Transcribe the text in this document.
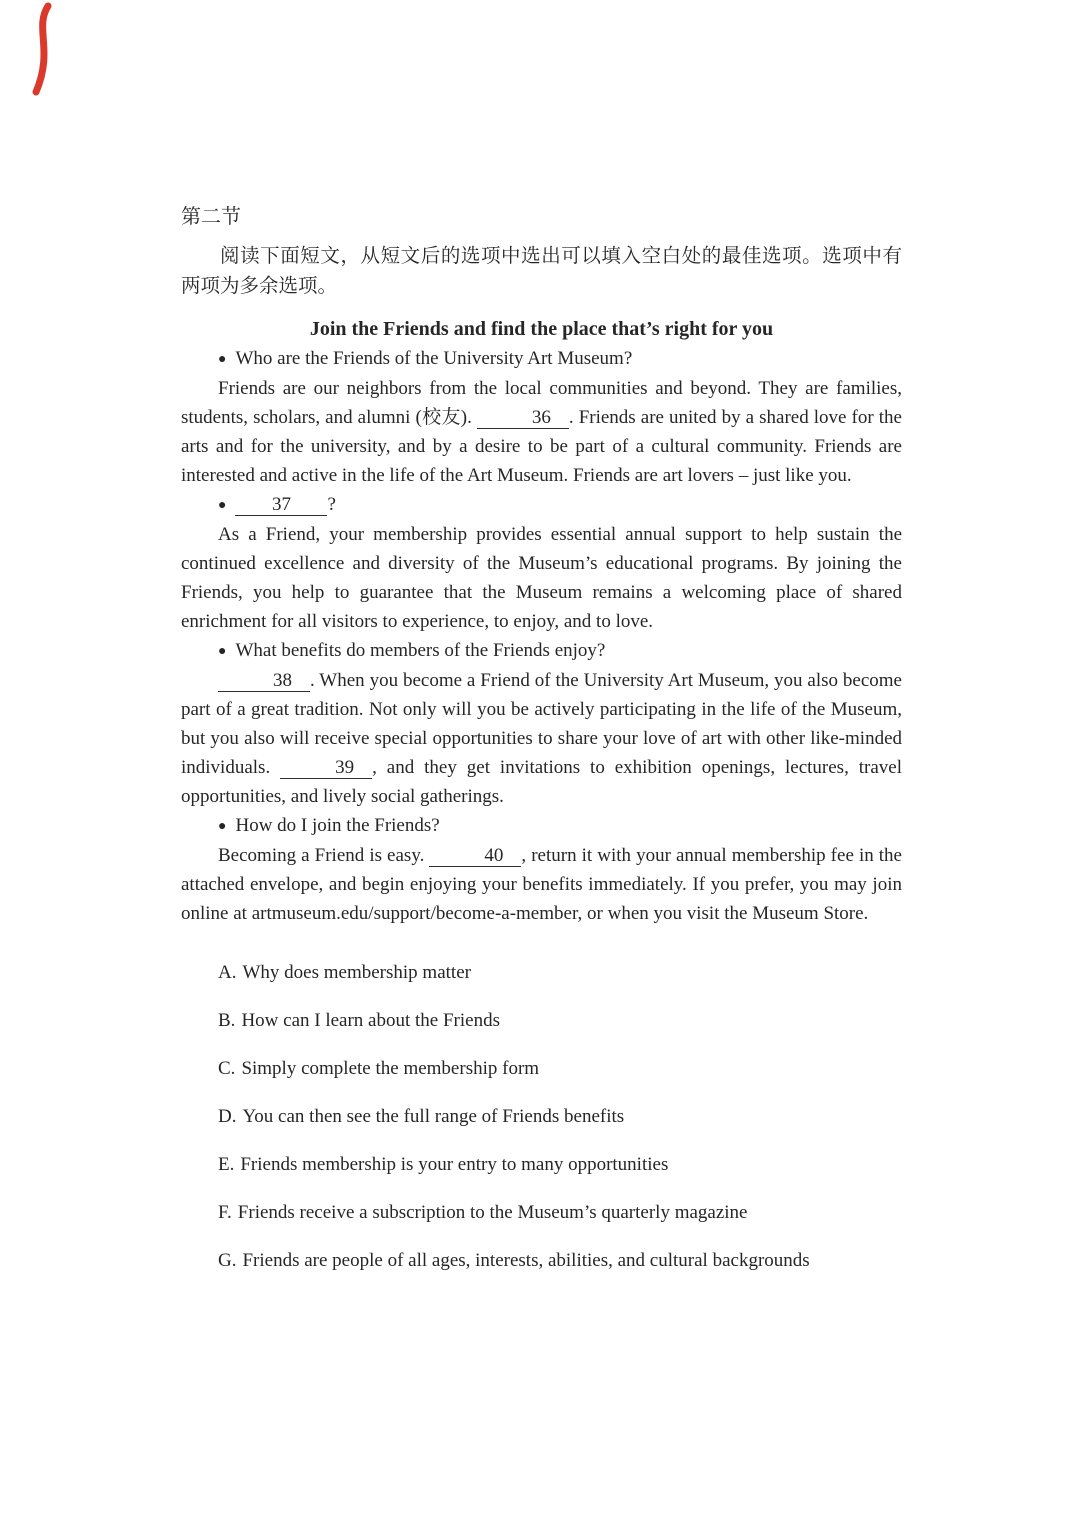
第二节

阅读下面短文，从短文后的选项中选出可以填入空白处的最佳选项。选项中有两项为多余选项。

Join the Friends and find the place that’s right for you

● Who are the Friends of the University Art Museum?

Friends are our neighbors from the local communities and beyond. They are families, students, scholars, and alumni (校友).	36 . Friends are united by a shared love for the arts and for the university, and by a desire to be part of a cultural community. Friends are interested and active in the life of the Art Museum. Friends are art lovers – just like you.

● 37 ?

As a Friend, your membership provides essential annual support to help sustain the continued excellence and diversity of the Museum’s educational programs. By joining the Friends, you help to guarantee that the Museum remains a welcoming place of shared enrichment for all visitors to experience, to enjoy, and to love.

● What benefits do members of the Friends enjoy?

38 . When you become a Friend of the University Art Museum, you also become part of a great tradition. Not only will you be actively participating in the life of the Museum, but you also will receive special opportunities to share your love of art with other like-minded individuals.	39 , and they get invitations to exhibition openings, lectures, travel opportunities, and lively social gatherings.

● How do I join the Friends?

Becoming a Friend is easy.	40 , return it with your annual membership fee in the attached envelope, and begin enjoying your benefits immediately. If you prefer, you may join online at artmuseum.edu/support/become-a-member, or when you visit the Museum Store.

A. Why does membership matter

B. How can I learn about the Friends

C. Simply complete the membership form

D. You can then see the full range of Friends benefits

E. Friends membership is your entry to many opportunities

F. Friends receive a subscription to the Museum’s quarterly magazine

G. Friends are people of all ages, interests, abilities, and cultural backgrounds
